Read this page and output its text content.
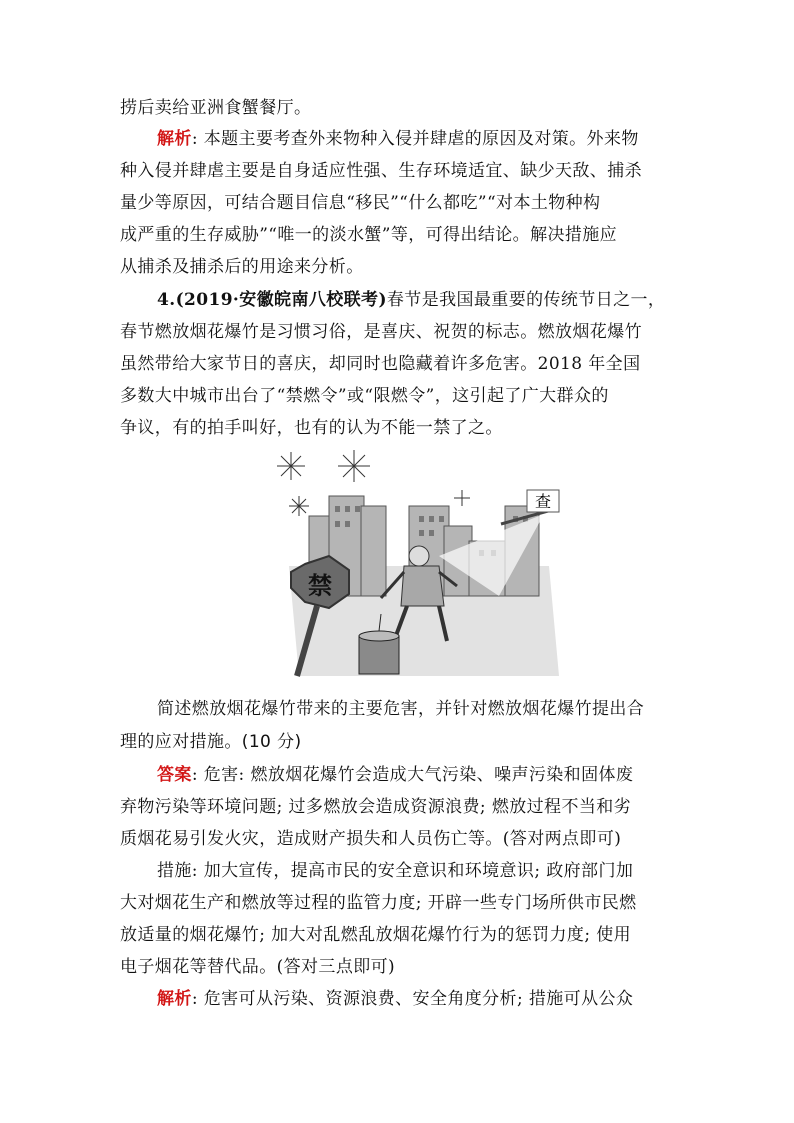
捞后卖给亚洲食蟹餐厅。
解析: 本题主要考查外来物种入侵并肆虐的原因及对策。外来物
种入侵并肆虐主要是自身适应性强、生存环境适宜、缺少天敌、捕杀
量少等原因，可结合题目信息“移民”“什么都吃”“对本土物种构
成严重的生存威胁”“唯一的淡水蟹”等，可得出结论。解决措施应
从捕杀及捕杀后的用途来分析。
4.(2019·安徽皖南八校联考)春节是我国最重要的传统节日之一，
春节燃放烟花爆竹是习惯习俗，是喜庆、祝贺的标志。燃放烟花爆竹
虽然带给大家节日的喜庆，却同时也隐藏着许多危害。2018 年全国
多数大中城市出台了“禁燃令”或“限燃令”，这引起了广大群众的
争议，有的拍手叫好，也有的认为不能一禁了之。
查
禁
简述燃放烟花爆竹带来的主要危害，并针对燃放烟花爆竹提出合
理的应对措施。(10 分)
答案: 危害: 燃放烟花爆竹会造成大气污染、噪声污染和固体废
弃物污染等环境问题; 过多燃放会造成资源浪费; 燃放过程不当和劣
质烟花易引发火灾，造成财产损失和人员伤亡等。(答对两点即可)
措施: 加大宣传，提高市民的安全意识和环境意识; 政府部门加
大对烟花生产和燃放等过程的监管力度; 开辟一些专门场所供市民燃
放适量的烟花爆竹; 加大对乱燃乱放烟花爆竹行为的惩罚力度; 使用
电子烟花等替代品。(答对三点即可)
解析: 危害可从污染、资源浪费、安全角度分析; 措施可从公众
